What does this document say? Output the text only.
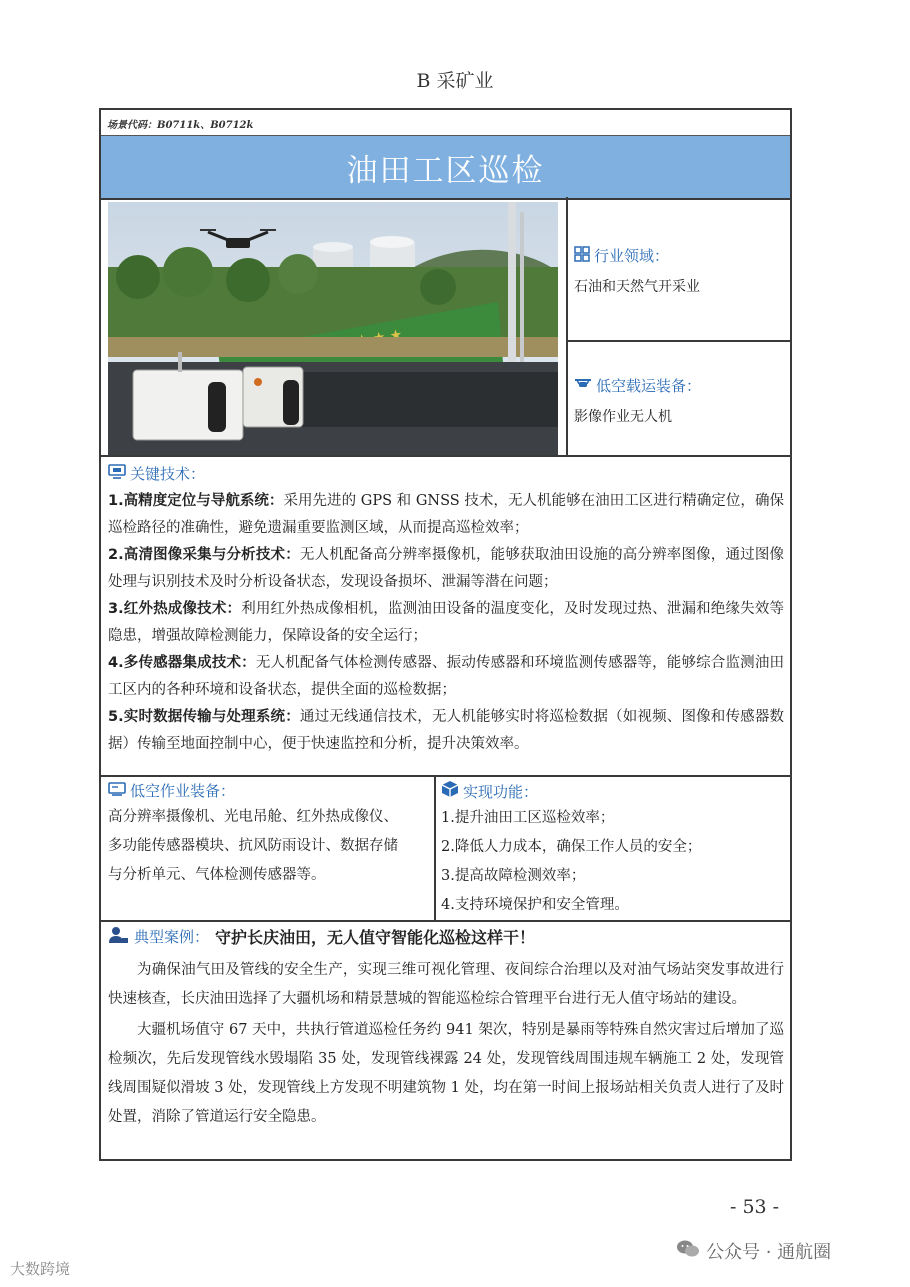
B 采矿业
场景代码：B0711k、B0712k
油田工区巡检
行业领域：
石油和天然气开采业
低空载运装备：
影像作业无人机
关键技术：

1.高精度定位与导航系统：采用先进的 GPS 和 GNSS 技术，无人机能够在油田工区进行精确定位，确保巡检路径的准确性，避免遗漏重要监测区域，从而提高巡检效率；

2.高清图像采集与分析技术：无人机配备高分辨率摄像机，能够获取油田设施的高分辨率图像，通过图像处理与识别技术及时分析设备状态，发现设备损坏、泄漏等潜在问题；

3.红外热成像技术：利用红外热成像相机，监测油田设备的温度变化，及时发现过热、泄漏和绝缘失效等隐患，增强故障检测能力，保障设备的安全运行；

4.多传感器集成技术：无人机配备气体检测传感器、振动传感器和环境监测传感器等，能够综合监测油田工区内的各种环境和设备状态，提供全面的巡检数据；

5.实时数据传输与处理系统：通过无线通信技术，无人机能够实时将巡检数据（如视频、图像和传感器数据）传输至地面控制中心，便于快速监控和分析，提升决策效率。

低空作业装备：
高分辨率摄像机、光电吊舱、红外热成像仪、
多功能传感器模块、抗风防雨设计、数据存储
与分析单元、气体检测传感器等。
实现功能：
1.提升油田工区巡检效率；
2.降低人力成本，确保工作人员的安全；
3.提高故障检测效率；
4.支持环境保护和安全管理。
典型案例： 守护长庆油田，无人值守智能化巡检这样干！

为确保油气田及管线的安全生产，实现三维可视化管理、夜间综合治理以及对油气场站突发事故进行快速核查，长庆油田选择了大疆机场和精景慧城的智能巡检综合管理平台进行无人值守场站的建设。

大疆机场值守 67 天中，共执行管道巡检任务约 941 架次，特别是暴雨等特殊自然灾害过后增加了巡检频次，先后发现管线水毁塌陷 35 处，发现管线裸露 24 处，发现管线周围违规车辆施工 2 处，发现管线周围疑似滑坡 3 处，发现管线上方发现不明建筑物 1 处，均在第一时间上报场站相关负责人进行了及时处置，消除了管道运行安全隐患。

- 53 -
公众号 · 通航圈
大数跨境
